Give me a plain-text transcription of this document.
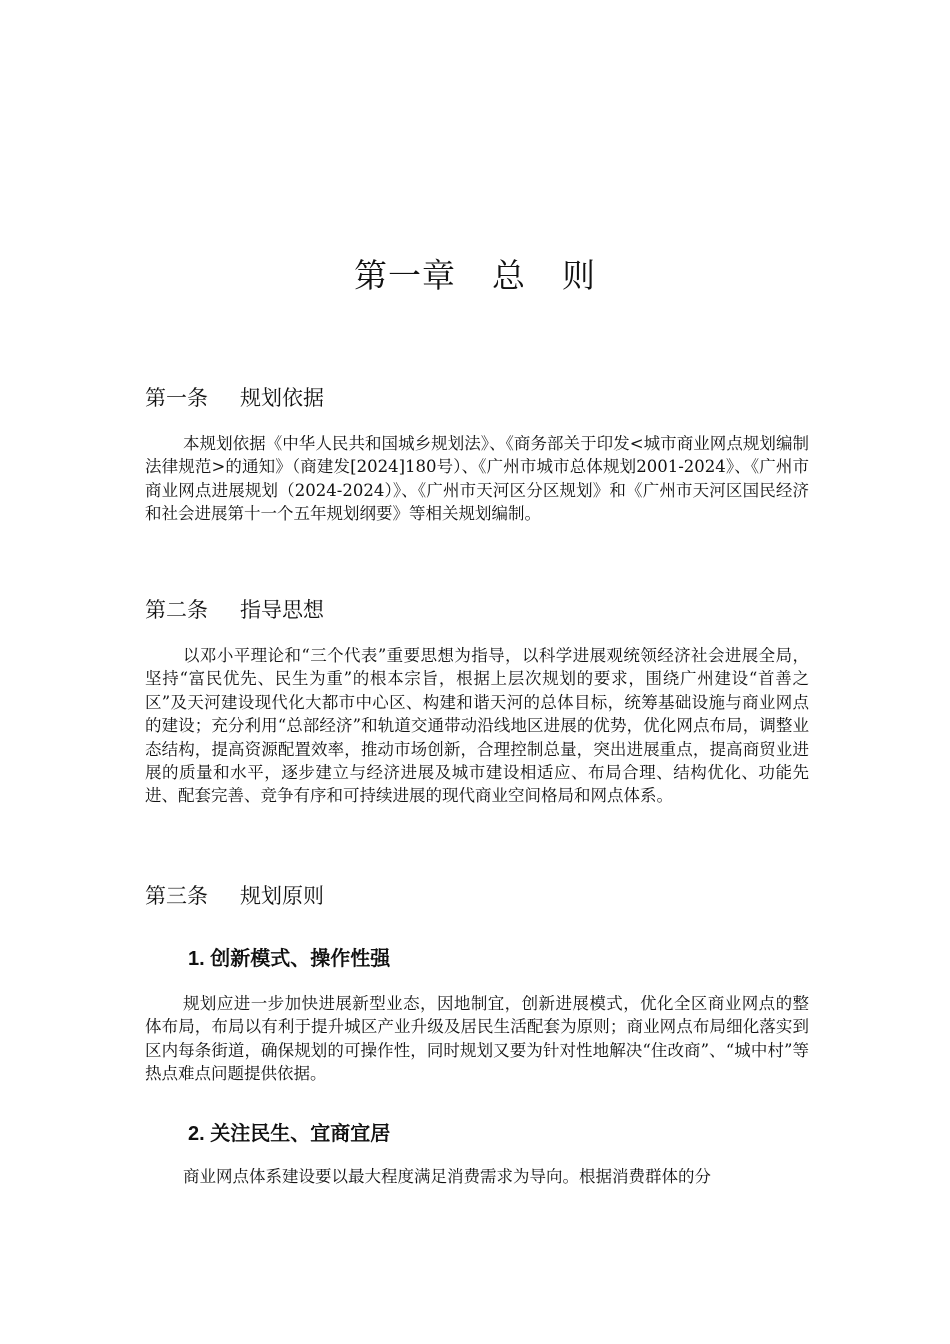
第一章 总 则
第一条 规划依据

本规划依据《中华人民共和国城乡规划法》、《商务部关于印发<城市商业网点规划编制法律规范>的通知》（商建发[2024]180号）、《广州市城市总体规划2001-2024》、《广州市商业网点进展规划（2024-2024）》、《广州市天河区分区规划》和《广州市天河区国民经济和社会进展第十一个五年规划纲要》等相关规划编制。

第二条 指导思想

以邓小平理论和“三个代表”重要思想为指导，以科学进展观统领经济社会进展全局，坚持“富民优先、民生为重”的根本宗旨，根据上层次规划的要求，围绕广州建设“首善之区”及天河建设现代化大都市中心区、构建和谐天河的总体目标，统筹基础设施与商业网点的建设；充分利用“总部经济”和轨道交通带动沿线地区进展的优势，优化网点布局，调整业态结构，提高资源配置效率，推动市场创新，合理控制总量，突出进展重点，提高商贸业进展的质量和水平，逐步建立与经济进展及城市建设相适应、布局合理、结构优化、功能先进、配套完善、竞争有序和可持续进展的现代商业空间格局和网点体系。

第三条 规划原则
1. 创新模式、操作性强

规划应进一步加快进展新型业态，因地制宜，创新进展模式，优化全区商业网点的整体布局，布局以有利于提升城区产业升级及居民生活配套为原则；商业网点布局细化落实到区内每条街道，确保规划的可操作性，同时规划又要为针对性地解决“住改商”、“城中村”等热点难点问题提供依据。

2. 关注民生、宜商宜居

商业网点体系建设要以最大程度满足消费需求为导向。根据消费群体的分
